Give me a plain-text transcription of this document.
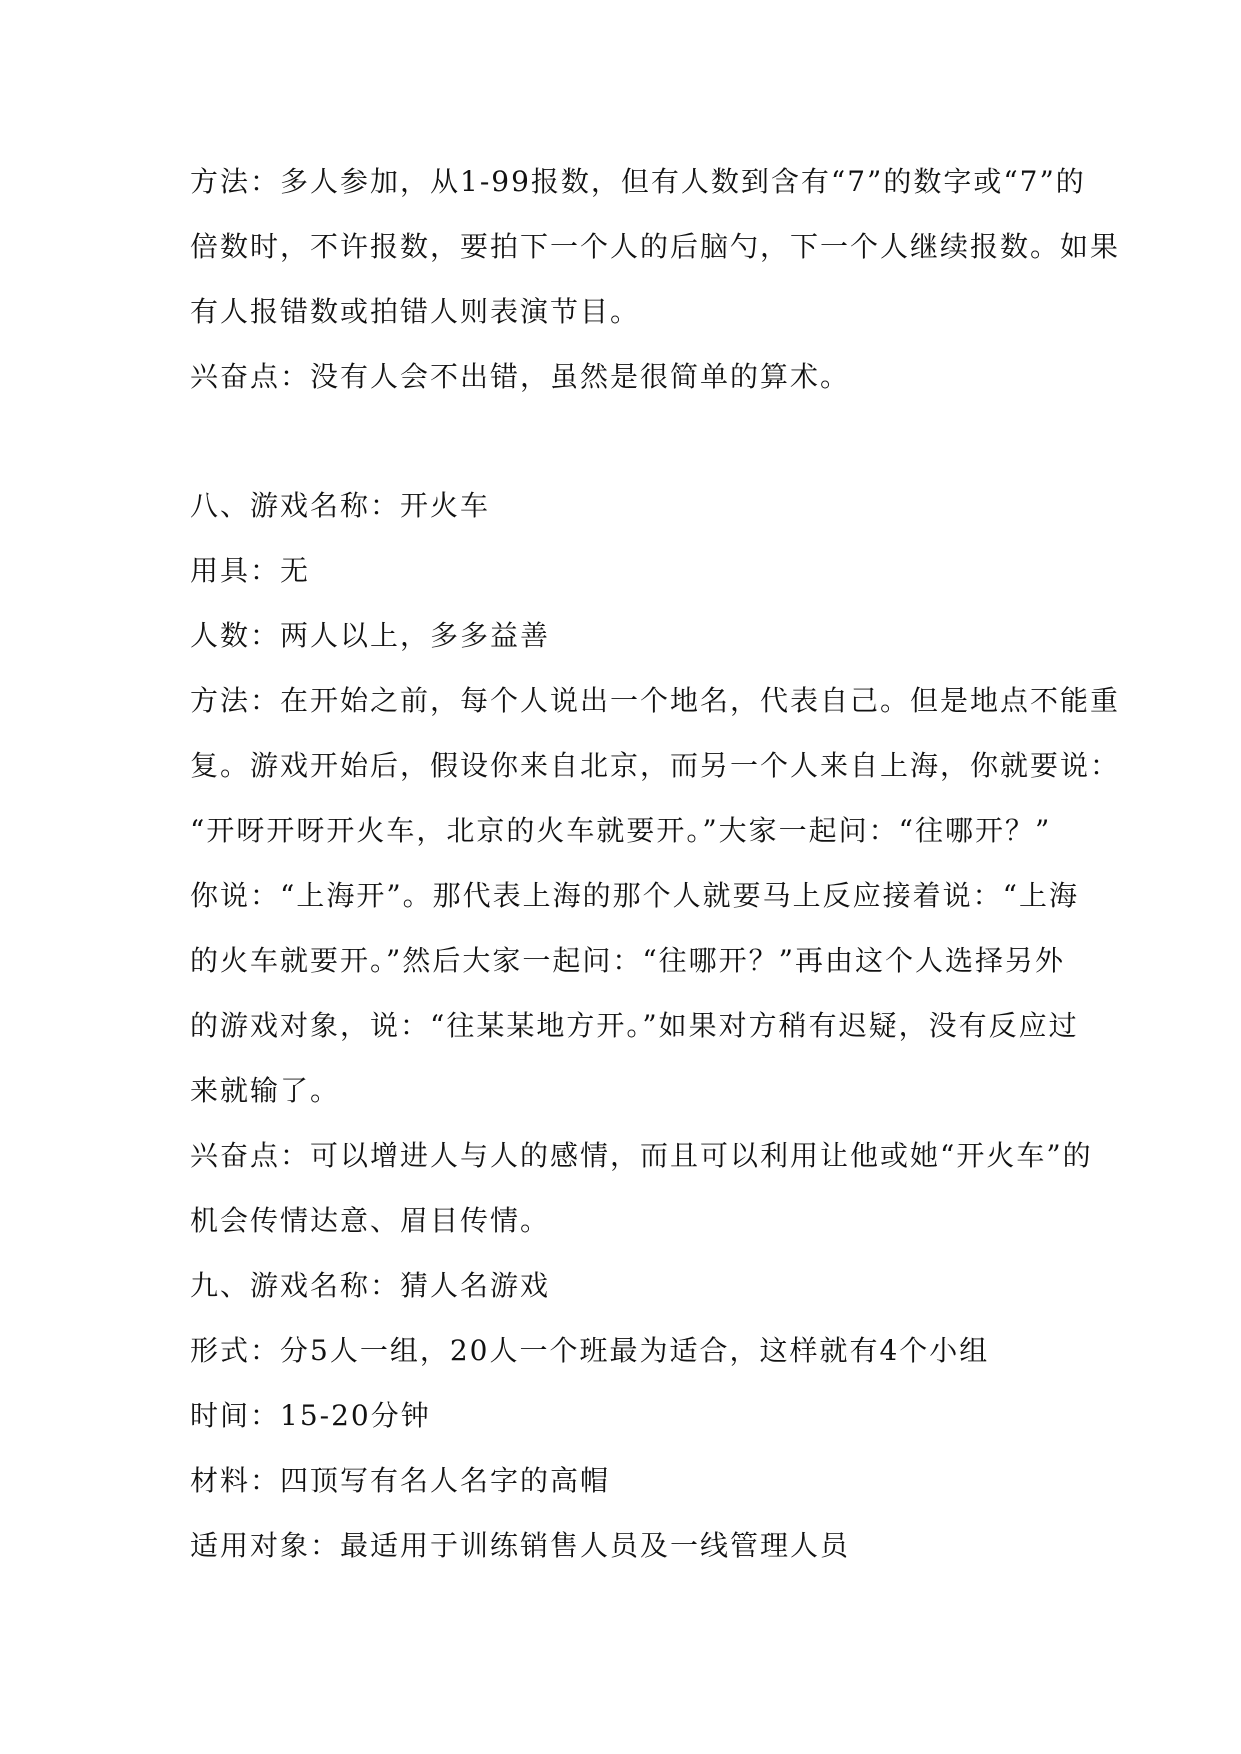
方法：多人参加，从1-99报数，但有人数到含有“7”的数字或“7”的

倍数时，不许报数，要拍下一个人的后脑勺，下一个人继续报数。如果

有人报错数或拍错人则表演节目。

兴奋点：没有人会不出错，虽然是很简单的算术。

八、游戏名称：开火车

用具：无

人数：两人以上，多多益善

方法：在开始之前，每个人说出一个地名，代表自己。但是地点不能重

复。游戏开始后，假设你来自北京，而另一个人来自上海，你就要说：

“开呀开呀开火车，北京的火车就要开。”大家一起问：“往哪开？”

你说：“上海开”。那代表上海的那个人就要马上反应接着说：“上海

的火车就要开。”然后大家一起问：“往哪开？”再由这个人选择另外

的游戏对象，说：“往某某地方开。”如果对方稍有迟疑，没有反应过

来就输了。

兴奋点：可以增进人与人的感情，而且可以利用让他或她“开火车”的

机会传情达意、眉目传情。

九、游戏名称：猜人名游戏

形式：分5人一组，20人一个班最为适合，这样就有4个小组

时间：15-20分钟

材料：四顶写有名人名字的高帽

适用对象：最适用于训练销售人员及一线管理人员
